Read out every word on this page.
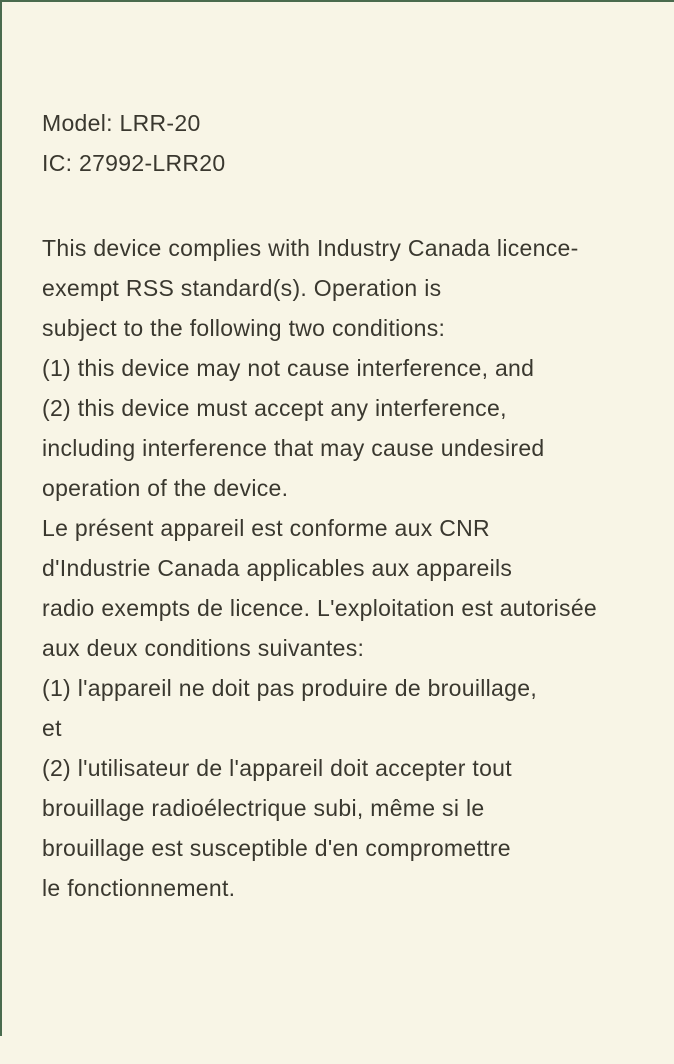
Model: LRR-20
IC: 27992-LRR20
This device complies with Industry Canada licence-
exempt RSS standard(s). Operation is
subject to the following two conditions:
(1) this device may not cause interference, and
(2) this device must accept any interference,
including interference that may cause undesired
operation of the device.
Le présent appareil est conforme aux CNR
d'Industrie Canada applicables aux appareils
radio exempts de licence. L'exploitation est autorisée
aux deux conditions suivantes:
(1) l'appareil ne doit pas produire de brouillage,
et
(2) l'utilisateur de l'appareil doit accepter tout
brouillage radioélectrique subi, même si le
brouillage est susceptible d'en compromettre
le fonctionnement.
